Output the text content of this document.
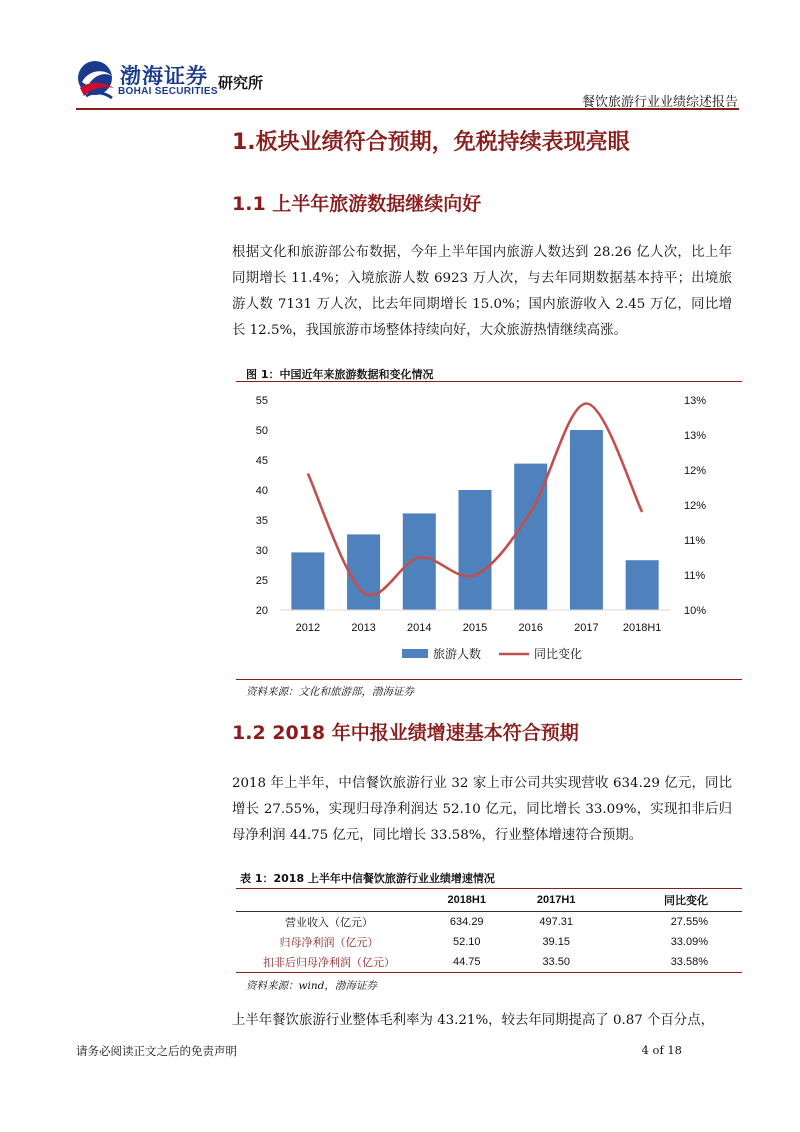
渤海证券
BOHAI SECURITIES 研究所
餐饮旅游行业业绩综述报告
1.板块业绩符合预期，免税持续表现亮眼
1.1 上半年旅游数据继续向好

根据文化和旅游部公布数据，今年上半年国内旅游人数达到 28.26 亿人次，比上年同期增长 11.4%；入境旅游人数 6923 万人次，与去年同期数据基本持平；出境旅游人数 7131 万人次，比去年同期增长 15.0%；国内旅游收入 2.45 万亿，同比增长 12.5%，我国旅游市场整体持续向好，大众旅游热情继续高涨。

图 1：中国近年来旅游数据和变化情况
20
25
30
35
40
45
50
55
10%
11%
11%
12%
12%
13%
13%
2012	2013	2014	2015	2016	2017 2018H1
旅游人数	同比变化
资料来源：文化和旅游部，渤海证券
1.2 2018 年中报业绩增速基本符合预期

2018 年上半年，中信餐饮旅游行业 32 家上市公司共实现营收 634.29 亿元，同比增长 27.55%，实现归母净利润达 52.10 亿元，同比增长 33.09%，实现扣非后归母净利润 44.75 亿元，同比增长 33.58%，行业整体增速符合预期。

表 1：2018 上半年中信餐饮旅游行业业绩增速情况
	2018H1	2017H1	同比变化
营业收入（亿元）	634.29	497.31	27.55%
归母净利润（亿元）	52.10	39.15	33.09%
扣非后归母净利润（亿元）	44.75	33.50	33.58%
资料来源：wind，渤海证券

上半年餐饮旅游行业整体毛利率为 43.21%，较去年同期提高了 0.87 个百分点，

请务必阅读正文之后的免责声明	4 of 18
